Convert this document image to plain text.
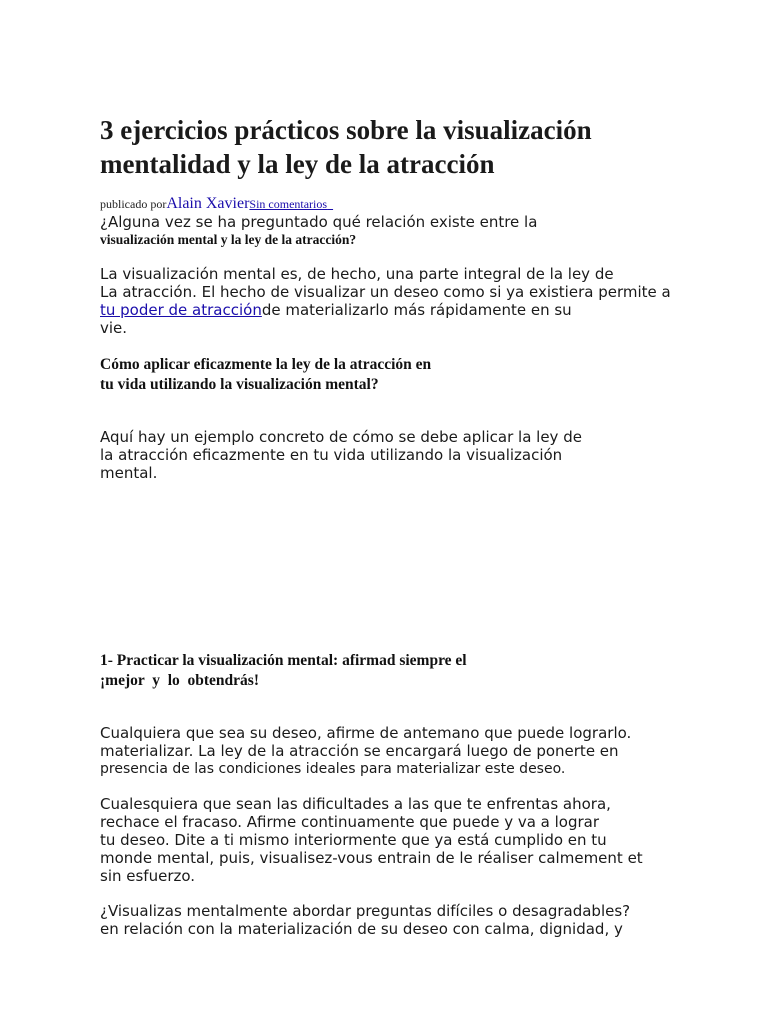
3 ejercicios prácticos sobre la visualización
mentalidad y la ley de la atracción
publicado porAlain XavierSin comentarios
¿Alguna vez se ha preguntado qué relación existe entre la
visualización mental y la ley de la atracción?
La visualización mental es, de hecho, una parte integral de la ley de
La atracción. El hecho de visualizar un deseo como si ya existiera permite a
tu poder de atracciónde materializarlo más rápidamente en su
vie.
Cómo aplicar eficazmente la ley de la atracción en
tu vida utilizando la visualización mental?
Aquí hay un ejemplo concreto de cómo se debe aplicar la ley de
la atracción eficazmente en tu vida utilizando la visualización
mental.
1- Practicar la visualización mental: afirmad siempre el
¡mejor  y  lo  obtendrás!
Cualquiera que sea su deseo, afirme de antemano que puede lograrlo.
materializar. La ley de la atracción se encargará luego de ponerte en
presencia de las condiciones ideales para materializar este deseo.
Cualesquiera que sean las dificultades a las que te enfrentas ahora,
rechace el fracaso. Afirme continuamente que puede y va a lograr
tu deseo. Dite a ti mismo interiormente que ya está cumplido en tu
monde mental, puis, visualisez-vous entrain de le réaliser calmement et
sin esfuerzo.
¿Visualizas mentalmente abordar preguntas difíciles o desagradables?
en relación con la materialización de su deseo con calma, dignidad, y
